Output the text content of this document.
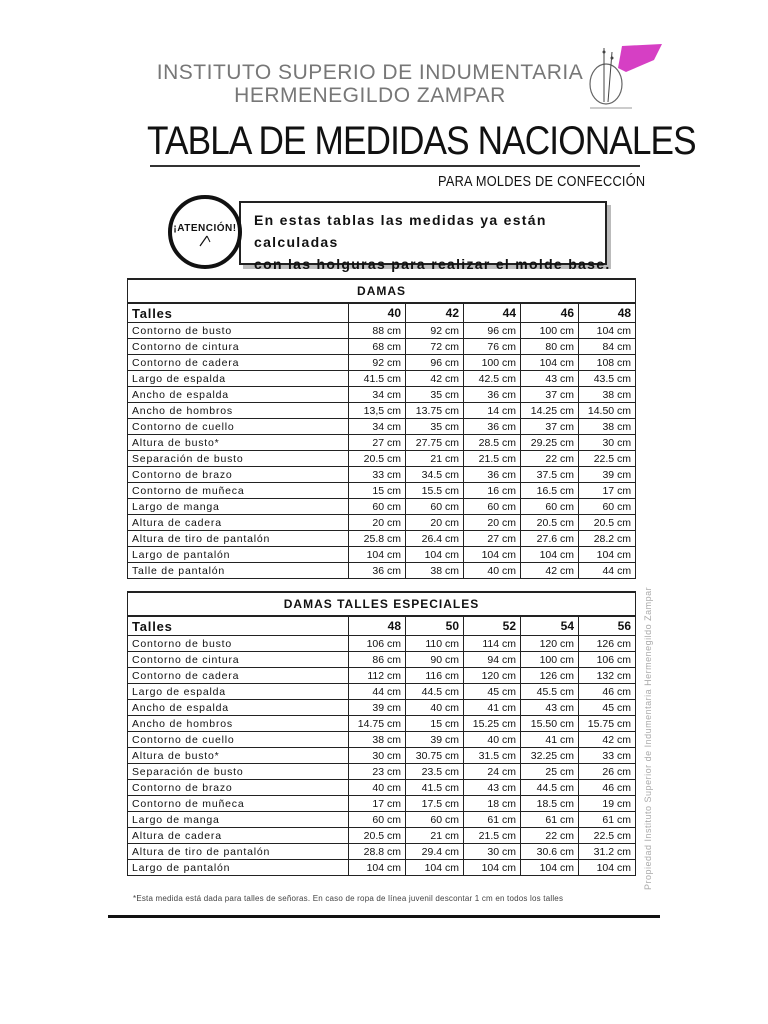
INSTITUTO SUPERIO DE INDUMENTARIA
HERMENEGILDO ZAMPAR
TABLA DE MEDIDAS NACIONALES
PARA MOLDES DE CONFECCIÓN
¡ATENCIÓN! En estas tablas las medidas ya están calculadas
con las holguras para realizar el molde base.
DAMAS					
Talles	40	42	44	46	48
Contorno de busto	88 cm	92 cm	96 cm	100 cm	104 cm
Contorno de cintura	68 cm	72 cm	76 cm	80 cm	84 cm
Contorno de cadera	92 cm	96 cm	100 cm	104 cm	108 cm
Largo de espalda	41.5 cm	42 cm	42.5 cm	43 cm	43.5 cm
Ancho de espalda	34 cm	35 cm	36 cm	37 cm	38 cm
Ancho de hombros	13,5 cm	13.75 cm	14 cm	14.25 cm	14.50 cm
Contorno de cuello	34 cm	35 cm	36 cm	37 cm	38 cm
Altura de busto*	27 cm	27.75 cm	28.5 cm	29.25 cm	30 cm
Separación de busto	20.5 cm	21 cm	21.5 cm	22 cm	22.5 cm
Contorno de brazo	33 cm	34.5 cm	36 cm	37.5 cm	39 cm
Contorno de muñeca	15 cm	15.5 cm	16 cm	16.5 cm	17 cm
Largo de manga	60 cm	60 cm	60 cm	60 cm	60 cm
Altura de cadera	20 cm	20 cm	20 cm	20.5 cm	20.5 cm
Altura de tiro de pantalón	25.8 cm	26.4 cm	27 cm	27.6 cm	28.2 cm
Largo de pantalón	104 cm	104 cm	104 cm	104 cm	104 cm
Talle de pantalón	36 cm	38 cm	40 cm	42 cm	44 cm
DAMAS TALLES ESPECIALES					
Talles	48	50	52	54	56
Contorno de busto	106 cm	110 cm	114 cm	120 cm	126 cm
Contorno de cintura	86 cm	90 cm	94 cm	100 cm	106 cm
Contorno de cadera	112 cm	116 cm	120 cm	126 cm	132 cm
Largo de espalda	44 cm	44.5 cm	45 cm	45.5 cm	46 cm
Ancho de espalda	39 cm	40 cm	41 cm	43 cm	45 cm
Ancho de hombros	14.75 cm	15 cm	15.25 cm	15.50 cm	15.75 cm
Contorno de cuello	38 cm	39 cm	40 cm	41 cm	42 cm
Altura de busto*	30 cm	30.75 cm	31.5 cm	32.25 cm	33 cm
Separación de busto	23 cm	23.5 cm	24 cm	25 cm	26 cm
Contorno de brazo	40 cm	41.5 cm	43 cm	44.5 cm	46 cm
Contorno de muñeca	17 cm	17.5 cm	18 cm	18.5 cm	19 cm
Largo de manga	60 cm	60 cm	61 cm	61 cm	61 cm
Altura de cadera	20.5 cm	21 cm	21.5 cm	22 cm	22.5 cm
Altura de tiro de pantalón	28.8 cm	29.4 cm	30 cm	30.6 cm	31.2 cm
Largo de pantalón	104 cm	104 cm	104 cm	104 cm	104 cm
*Esta medida está dada para talles de señoras. En caso de ropa de línea juvenil descontar 1 cm en todos los talles
Propiedad Instituto Superior de Indumentaria Hermenegildo Zampar
